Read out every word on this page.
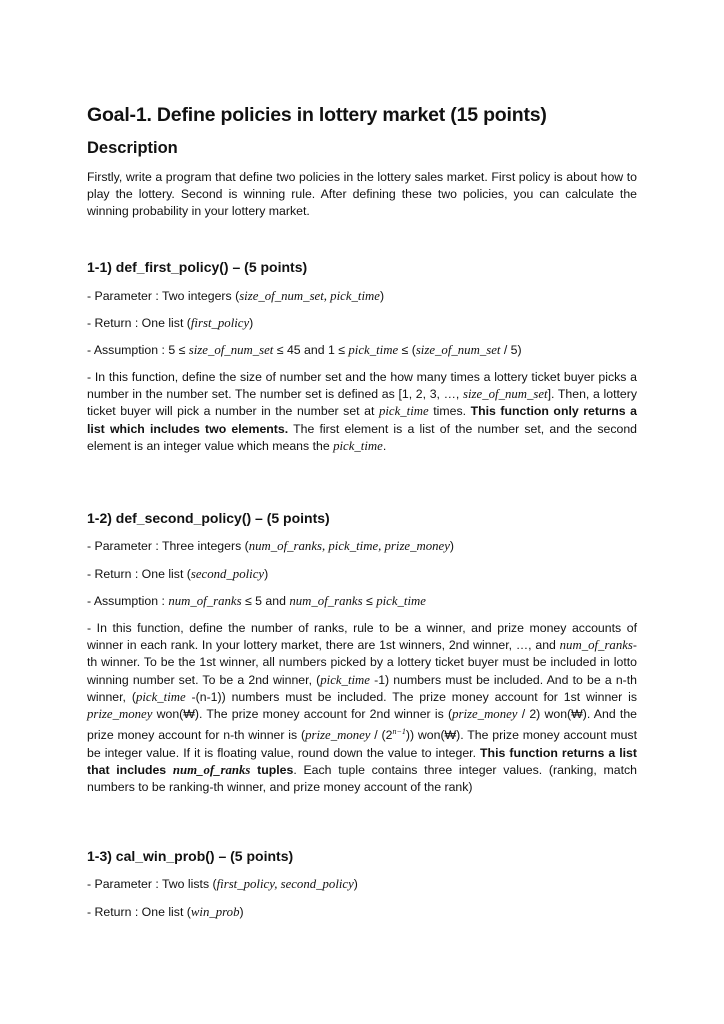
Goal-1. Define policies in lottery market (15 points)
Description

Firstly, write a program that define two policies in the lottery sales market. First policy is about how to play the lottery. Second is winning rule. After defining these two policies, you can calculate the winning probability in your lottery market.

1-1) def_first_policy() – (5 points)

- Parameter : Two integers (size_of_num_set, pick_time)

- Return : One list (first_policy)

- Assumption : 5 ≤ size_of_num_set ≤ 45 and 1 ≤ pick_time ≤ (size_of_num_set / 5)

- In this function, define the size of number set and the how many times a lottery ticket buyer picks a number in the number set. The number set is defined as [1, 2, 3, …, size_of_num_set]. Then, a lottery ticket buyer will pick a number in the number set at pick_time times. This function only returns a list which includes two elements. The first element is a list of the number set, and the second element is an integer value which means the pick_time.

1-2) def_second_policy() – (5 points)

- Parameter : Three integers (num_of_ranks, pick_time, prize_money)

- Return : One list (second_policy)

- Assumption : num_of_ranks ≤ 5 and num_of_ranks ≤ pick_time

- In this function, define the number of ranks, rule to be a winner, and prize money accounts of winner in each rank. In your lottery market, there are 1st winners, 2nd winner, …, and num_of_ranks-th winner. To be the 1st winner, all numbers picked by a lottery ticket buyer must be included in lotto winning number set. To be a 2nd winner, (pick_time -1) numbers must be included. And to be a n-th winner, (pick_time -(n-1)) numbers must be included. The prize money account for 1st winner is prize_money won(₩). The prize money account for 2nd winner is (prize_money / 2) won(₩). And the prize money account for n-th winner is (prize_money / $(2^{n-1})$) won(₩). The prize money account must be integer value. If it is floating value, round down the value to integer. This function returns a list that includes num_of_ranks tuples. Each tuple contains three integer values. (ranking, match numbers to be ranking-th winner, and prize money account of the rank)

1-3) cal_win_prob() – (5 points)

- Parameter : Two lists (first_policy, second_policy)

- Return : One list (win_prob)
